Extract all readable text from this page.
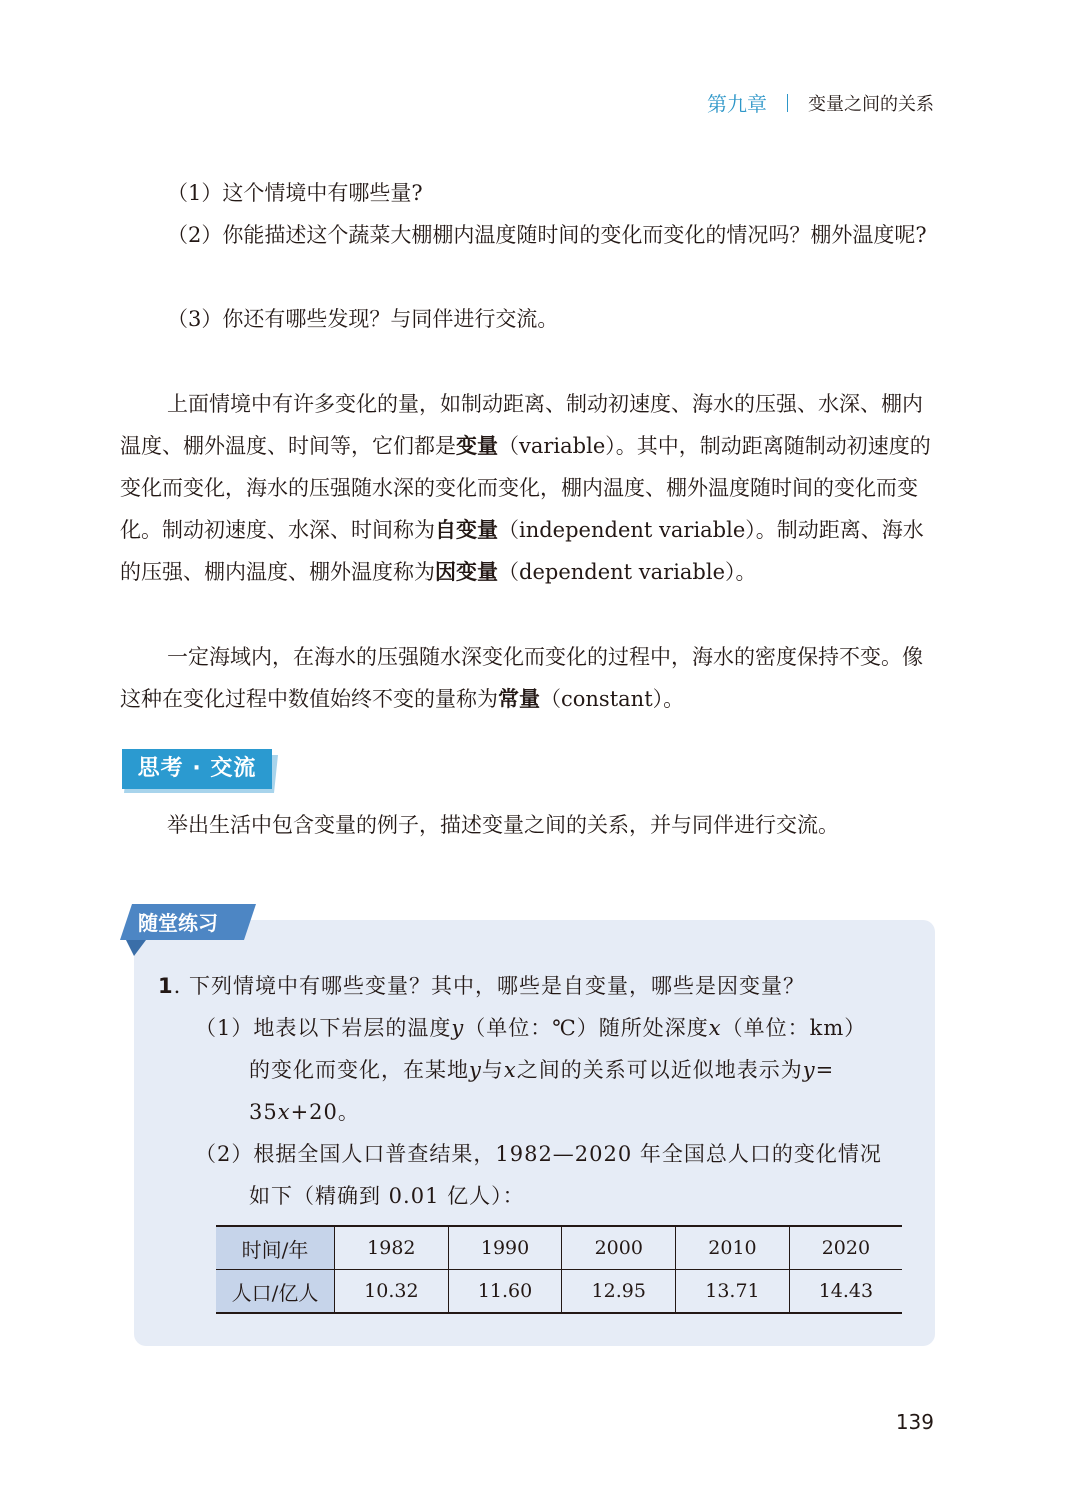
第九章 变量之间的关系
（1）这个情境中有哪些量?
（2）你能描述这个蔬菜大棚棚内温度随时间的变化而变化的情况吗？棚外温度呢?
（3）你还有哪些发现？与同伴进行交流。
上面情境中有许多变化的量，如制动距离、制动初速度、海水的压强、水深、棚内温度、棚外温度、时间等，它们都是变量（variable）。其中，制动距离随制动初速度的变化而变化，海水的压强随水深的变化而变化，棚内温度、棚外温度随时间的变化而变化。制动初速度、水深、时间称为自变量（independent variable）。制动距离、海水的压强、棚内温度、棚外温度称为因变量（dependent variable）。
一定海域内，在海水的压强随水深变化而变化的过程中，海水的密度保持不变。像这种在变化过程中数值始终不变的量称为常量（constant）。
思考 · 交流
举出生活中包含变量的例子，描述变量之间的关系，并与同伴进行交流。
随堂练习
1. 下列情境中有哪些变量？其中，哪些是自变量，哪些是因变量？
（1）地表以下岩层的温度y（单位：℃）随所处深度x（单位：km）
的变化而变化，在某地y与x之间的关系可以近似地表示为y=
35x+20。
（2）根据全国人口普查结果，1982—2020 年全国总人口的变化情况
如下（精确到 0.01 亿人）：
时间/年	1982	1990	2000	2010	2020
人口/亿人	10.32	11.60	12.95	13.71	14.43
139
